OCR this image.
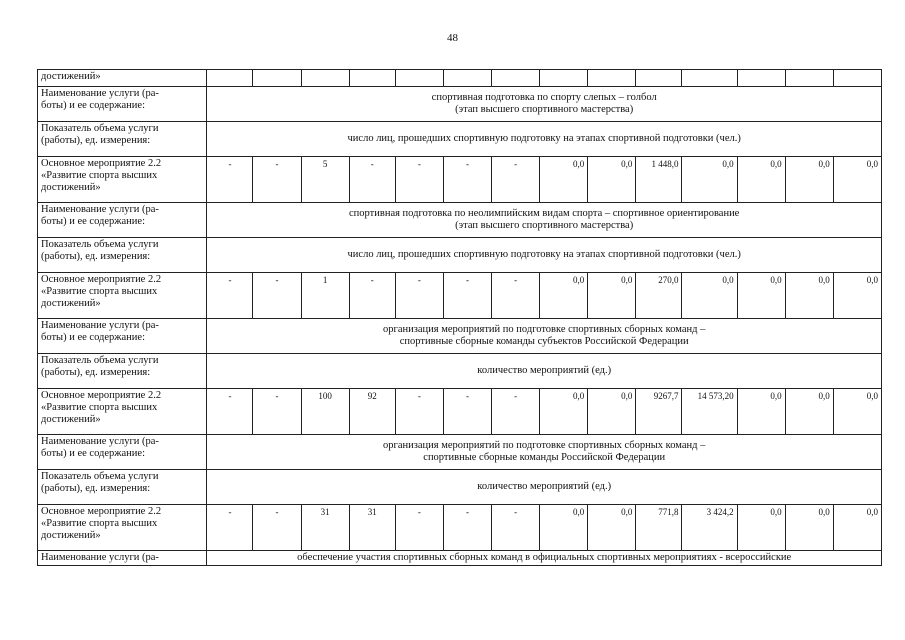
48
достижений»														
Наименование услуги (ра-
боты) и ее содержание:	спортивная подготовка по спорту слепых – голбол
(этап высшего спортивного мастерства)													
Показатель объема услуги
(работы), ед. измерения:	число лиц, прошедших спортивную подготовку на этапах спортивной подготовки (чел.)													
Основное мероприятие 2.2
«Развитие спорта высших
достижений»	-	-	5	-	-	-	-	0,0	0,0	1 448,0	0,0	0,0	0,0	0,0
Наименование услуги (ра-
боты) и ее содержание:	спортивная подготовка по неолимпийским видам спорта – спортивное ориентирование
(этап высшего спортивного мастерства)													
Показатель объема услуги
(работы), ед. измерения:	число лиц, прошедших спортивную подготовку на этапах спортивной подготовки (чел.)													
Основное мероприятие 2.2
«Развитие спорта высших
достижений»	-	-	1	-	-	-	-	0,0	0,0	270,0	0,0	0,0	0,0	0,0
Наименование услуги (ра-
боты) и ее содержание:	организация мероприятий по подготовке спортивных сборных команд –
спортивные сборные команды субъектов Российской Федерации													
Показатель объема услуги
(работы), ед. измерения:	количество мероприятий (ед.)													
Основное мероприятие 2.2
«Развитие спорта высших
достижений»	-	-	100	92	-	-	-	0,0	0,0	9267,7	14 573,20	0,0	0,0	0,0
Наименование услуги (ра-
боты) и ее содержание:	организация мероприятий по подготовке спортивных сборных команд –
спортивные сборные команды Российской Федерации													
Показатель объема услуги
(работы), ед. измерения:	количество мероприятий (ед.)													
Основное мероприятие 2.2
«Развитие спорта высших
достижений»	-	-	31	31	-	-	-	0,0	0,0	771,8	3 424,2	0,0	0,0	0,0
Наименование услуги (ра-	обеспечение участия спортивных сборных команд в официальных спортивных мероприятиях - всероссийские													
